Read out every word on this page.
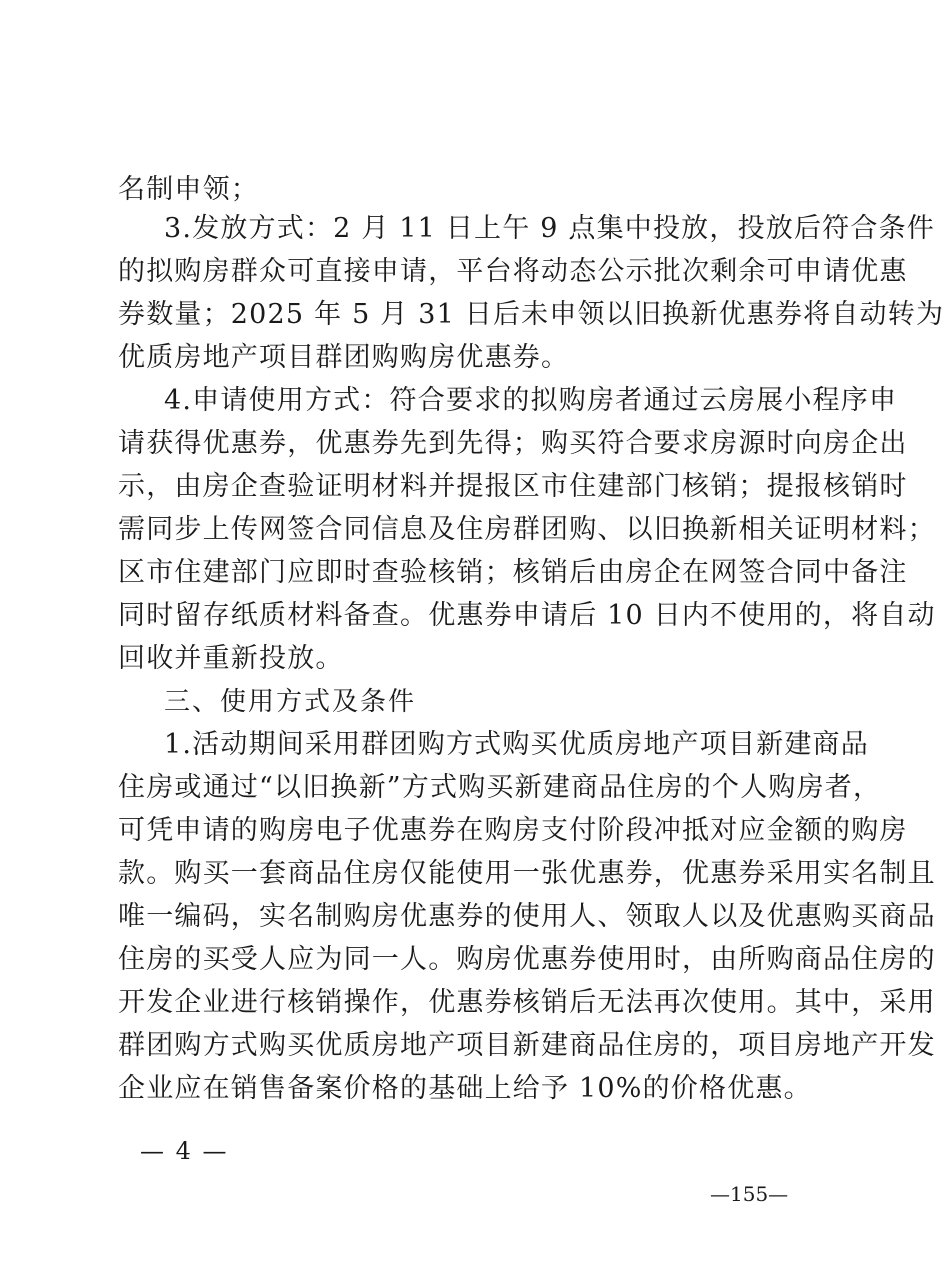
名制申领；
3.发放方式：2 月 11 日上午 9 点集中投放，投放后符合条件
的拟购房群众可直接申请，平台将动态公示批次剩余可申请优惠
券数量；2025 年 5 月 31 日后未申领以旧换新优惠券将自动转为
优质房地产项目群团购购房优惠券。
4.申请使用方式：符合要求的拟购房者通过云房展小程序申
请获得优惠券，优惠券先到先得；购买符合要求房源时向房企出
示，由房企查验证明材料并提报区市住建部门核销；提报核销时
需同步上传网签合同信息及住房群团购、以旧换新相关证明材料；
区市住建部门应即时查验核销；核销后由房企在网签合同中备注
同时留存纸质材料备查。优惠券申请后 10 日内不使用的，将自动
回收并重新投放。
三、使用方式及条件
1.活动期间采用群团购方式购买优质房地产项目新建商品
住房或通过“以旧换新”方式购买新建商品住房的个人购房者，
可凭申请的购房电子优惠券在购房支付阶段冲抵对应金额的购房
款。购买一套商品住房仅能使用一张优惠券，优惠券采用实名制且
唯一编码，实名制购房优惠券的使用人、领取人以及优惠购买商品
住房的买受人应为同一人。购房优惠券使用时，由所购商品住房的
开发企业进行核销操作，优惠券核销后无法再次使用。其中，采用
群团购方式购买优质房地产项目新建商品住房的，项目房地产开发
企业应在销售备案价格的基础上给予 10%的价格优惠。
— 4 —
—155—
